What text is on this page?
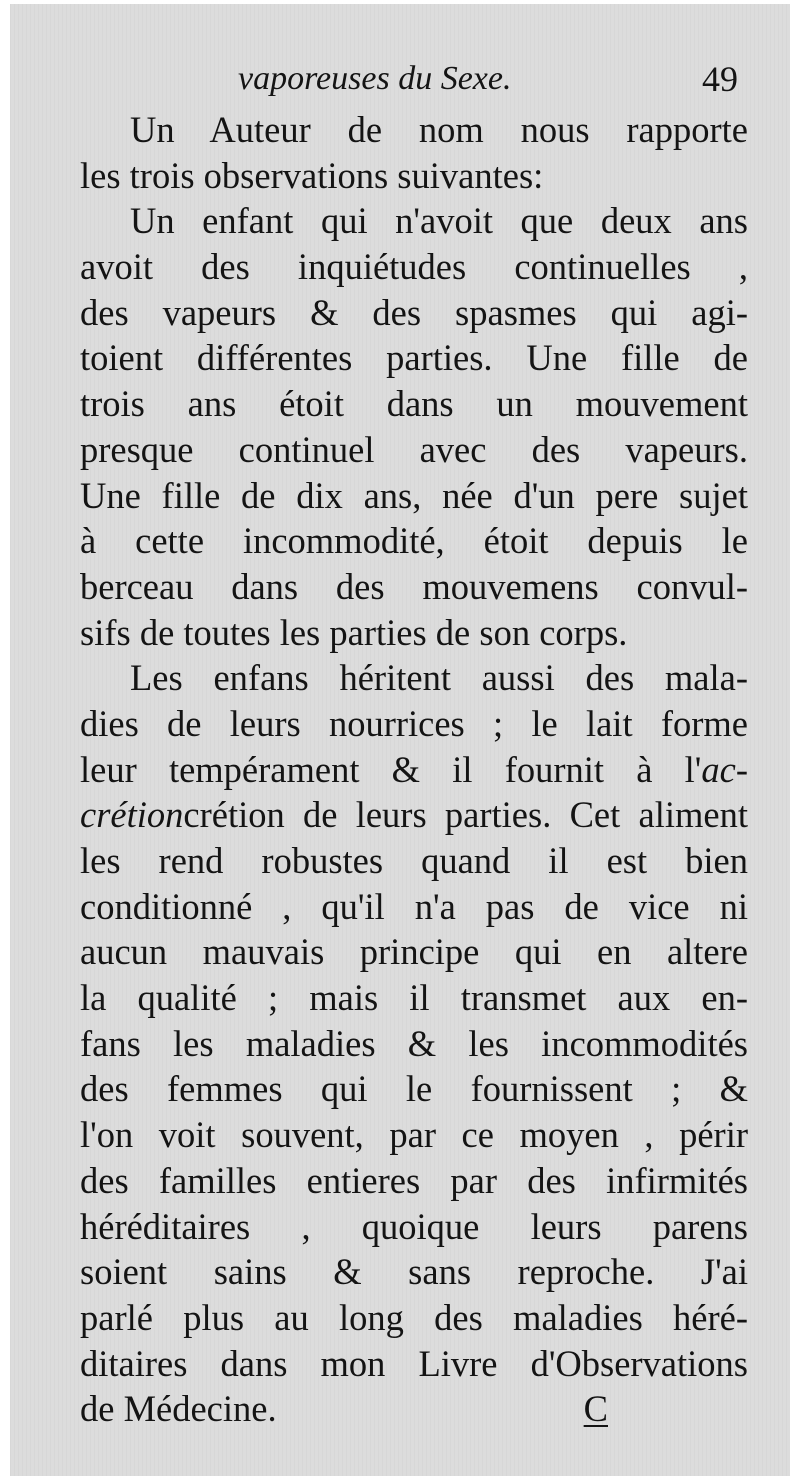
vaporeuses du Sexe.	49
Un Auteur de nom nous rapporte
les trois observations suivantes:
Un enfant qui n'avoit que deux ans
avoit des inquiétudes continuelles ,
des vapeurs & des spasmes qui agi-
toient différentes parties. Une fille de
trois ans étoit dans un mouvement
presque continuel avec des vapeurs.
Une fille de dix ans, née d'un pere sujet
à cette incommodité, étoit depuis le
berceau dans des mouvemens convul-
sifs de toutes les parties de son corps.
Les enfans héritent aussi des mala-
dies de leurs nourrices ; le lait forme
leur tempérament & il fournit à l'ac-
crétioncrétion de leurs parties. Cet aliment
les rend robustes quand il est bien
conditionné , qu'il n'a pas de vice ni
aucun mauvais principe qui en altere
la qualité ; mais il transmet aux en-
fans les maladies & les incommodités
des femmes qui le fournissent ; &
l'on voit souvent, par ce moyen , périr
des familles entieres par des infirmités
héréditaires , quoique leurs parens
soient sains & sans reproche. J'ai
parlé plus au long des maladies héré-
ditaires dans mon Livre d'Observations
de Médecine.	C
